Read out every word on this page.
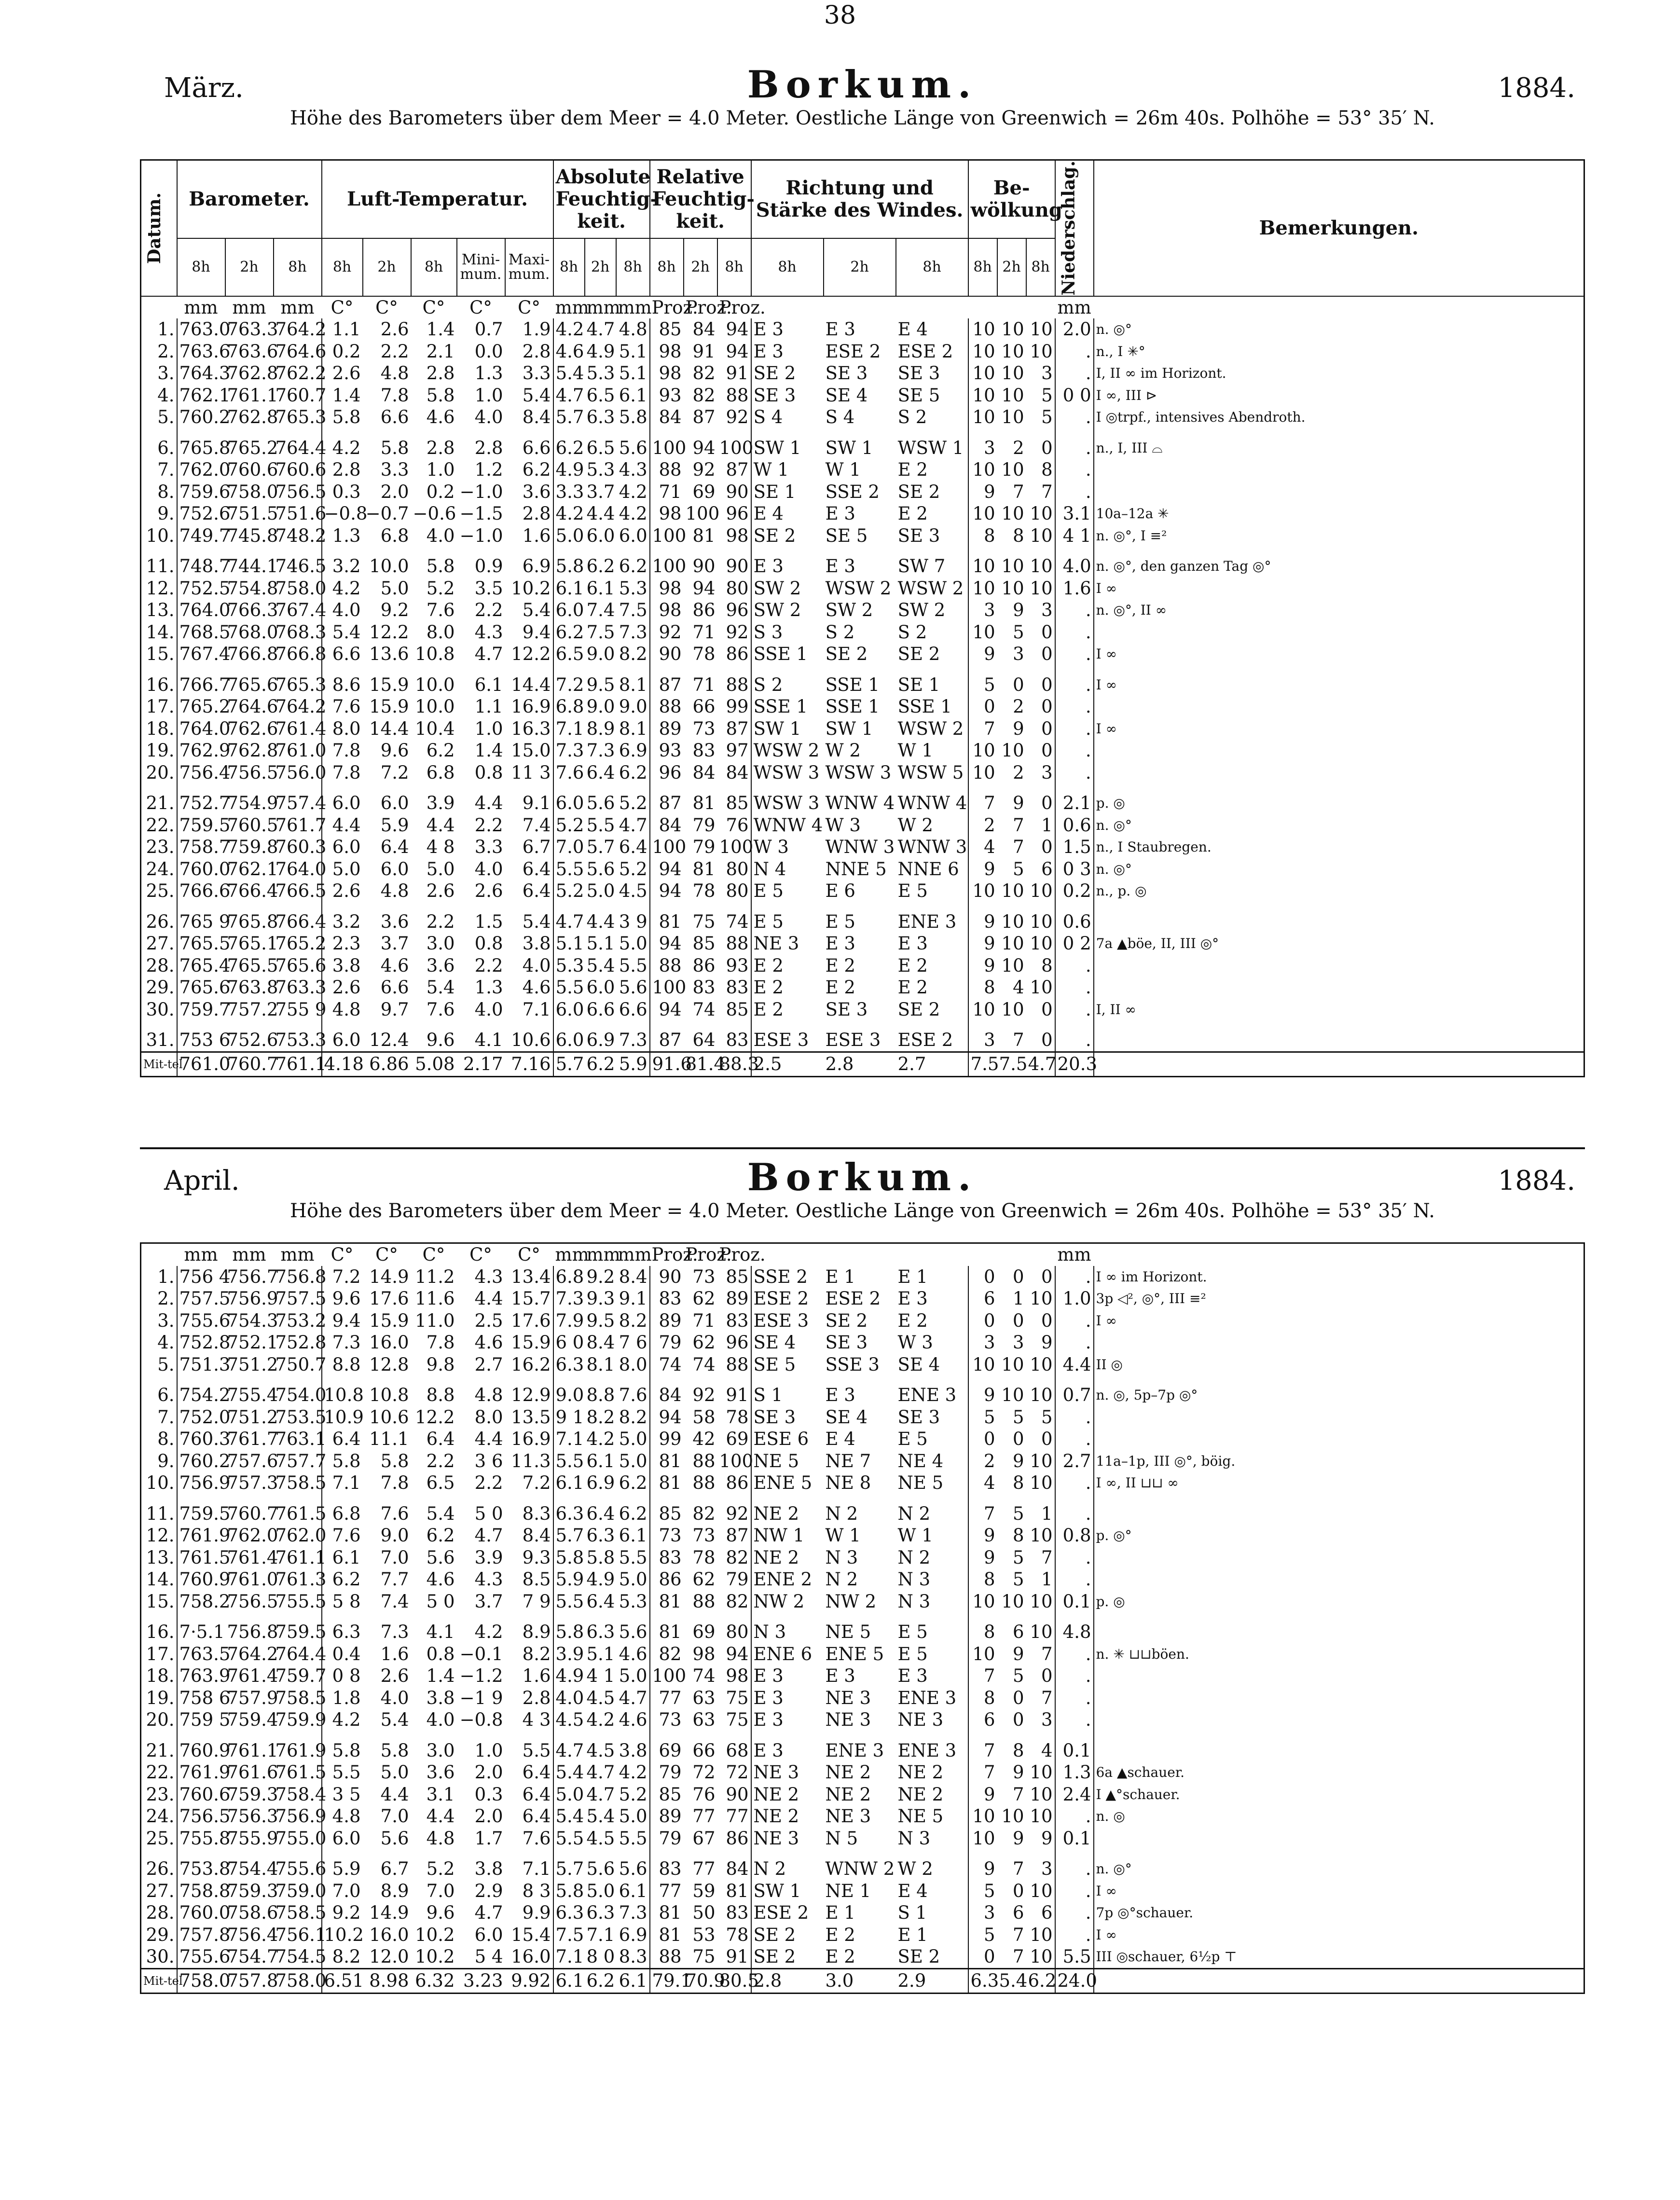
38
März.	Borkum.	1884.
Höhe des Barometers über dem Meer = 4.0 Meter. Oestliche Länge von Greenwich = 26m 40s. Polhöhe = 53° 35′ N.
Datum.	Barometer.			Luft-Temperatur.					Absolute Feuchtig-keit.			Relative Feuchtig-keit.			Richtung und Stärke des Windes.			Be-wölkung			Niederschlag.	Bemerkungen.
	8h	2h	8h	8h	2h	8h	Mini-mum.	Maxi-mum.	8h	2h	8h	8h	2h	8h	8h	2h	8h	8h	2h	8h		
	mm	mm	mm	C°	C°	C°	C°	C°	mm	mm	mm	Proz.	Proz.	Proz.							mm	
1.	763.0	763.3	764.2	1.1	2.6	1.4	0.7	1.9	4.2	4.7	4.8	85	84	94	E 3	E 3	E 4	10	10	10	2.0	n. ◎°
2.	763.6	763.6	764.6	0.2	2.2	2.1	0.0	2.8	4.6	4.9	5.1	98	91	94	E 3	ESE 2	ESE 2	10	10	10	.	n., I ✳°
3.	764.3	762.8	762.2	2.6	4.8	2.8	1.3	3.3	5.4	5.3	5.1	98	82	91	SE 2	SE 3	SE 3	10	10	3	.	I, II ∞ im Horizont.
4.	762.1	761.1	760.7	1.4	7.8	5.8	1.0	5.4	4.7	6.5	6.1	93	82	88	SE 3	SE 4	SE 5	10	10	5	0 0	I ∞, III ⊳
5.	760.2	762.8	765.3	5.8	6.6	4.6	4.0	8.4	5.7	6.3	5.8	84	87	92	S 4	S 4	S 2	10	10	5	.	I ◎trpf., intensives Abendroth.
6.	765.8	765.2	764.4	4.2	5.8	2.8	2.8	6.6	6.2	6.5	5.6	100	94	100	SW 1	SW 1	WSW 1	3	2	0	.	n., I, III ⌓
7.	762.0	760.6	760.6	2.8	3.3	1.0	1.2	6.2	4.9	5.3	4.3	88	92	87	W 1	W 1	E 2	10	10	8	.	
8.	759.6	758.0	756.5	0.3	2.0	0.2	−1.0	3.6	3.3	3.7	4.2	71	69	90	SE 1	SSE 2	SE 2	9	7	7	.	
9.	752.6	751.5	751.6	−0.8	−0.7	−0.6	−1.5	2.8	4.2	4.4	4.2	98	100	96	E 4	E 3	E 2	10	10	10	3.1	10a–12a ✳
10.	749.7	745.8	748.2	1.3	6.8	4.0	−1.0	1.6	5.0	6.0	6.0	100	81	98	SE 2	SE 5	SE 3	8	8	10	4 1	n. ◎°, I ≡²
11.	748.7	744.1	746.5	3.2	10.0	5.8	0.9	6.9	5.8	6.2	6.2	100	90	90	E 3	E 3	SW 7	10	10	10	4.0	n. ◎°, den ganzen Tag ◎°
12.	752.5	754.8	758.0	4.2	5.0	5.2	3.5	10.2	6.1	6.1	5.3	98	94	80	SW 2	WSW 2	WSW 2	10	10	10	1.6	I ∞
13.	764.0	766.3	767.4	4.0	9.2	7.6	2.2	5.4	6.0	7.4	7.5	98	86	96	SW 2	SW 2	SW 2	3	9	3	.	n. ◎°, II ∞
14.	768.5	768.0	768.3	5.4	12.2	8.0	4.3	9.4	6.2	7.5	7.3	92	71	92	S 3	S 2	S 2	10	5	0	.	
15.	767.4	766.8	766.8	6.6	13.6	10.8	4.7	12.2	6.5	9.0	8.2	90	78	86	SSE 1	SE 2	SE 2	9	3	0	.	I ∞
16.	766.7	765.6	765.3	8.6	15.9	10.0	6.1	14.4	7.2	9.5	8.1	87	71	88	S 2	SSE 1	SE 1	5	0	0	.	I ∞
17.	765.2	764.6	764.2	7.6	15.9	10.0	1.1	16.9	6.8	9.0	9.0	88	66	99	SSE 1	SSE 1	SSE 1	0	2	0	.	
18.	764.0	762.6	761.4	8.0	14.4	10.4	1.0	16.3	7.1	8.9	8.1	89	73	87	SW 1	SW 1	WSW 2	7	9	0	.	I ∞
19.	762.9	762.8	761.0	7.8	9.6	6.2	1.4	15.0	7.3	7.3	6.9	93	83	97	WSW 2	W 2	W 1	10	10	0	.	
20.	756.4	756.5	756.0	7.8	7.2	6.8	0.8	11 3	7.6	6.4	6.2	96	84	84	WSW 3	WSW 3	WSW 5	10	2	3	.	
21.	752.7	754.9	757.4	6.0	6.0	3.9	4.4	9.1	6.0	5.6	5.2	87	81	85	WSW 3	WNW 4	WNW 4	7	9	0	2.1	p. ◎
22.	759.5	760.5	761.7	4.4	5.9	4.4	2.2	7.4	5.2	5.5	4.7	84	79	76	WNW 4	W 3	W 2	2	7	1	0.6	n. ◎°
23.	758.7	759.8	760.3	6.0	6.4	4 8	3.3	6.7	7.0	5.7	6.4	100	79	100	W 3	WNW 3	WNW 3	4	7	0	1.5	n., I Staubregen.
24.	760.0	762.1	764.0	5.0	6.0	5.0	4.0	6.4	5.5	5.6	5.2	94	81	80	N 4	NNE 5	NNE 6	9	5	6	0 3	n. ◎°
25.	766.6	766.4	766.5	2.6	4.8	2.6	2.6	6.4	5.2	5.0	4.5	94	78	80	E 5	E 6	E 5	10	10	10	0.2	n., p. ◎
26.	765 9	765.8	766.4	3.2	3.6	2.2	1.5	5.4	4.7	4.4	3 9	81	75	74	E 5	E 5	ENE 3	9	10	10	0.6	
27.	765.5	765.1	765.2	2.3	3.7	3.0	0.8	3.8	5.1	5.1	5.0	94	85	88	NE 3	E 3	E 3	9	10	10	0 2	7a ▲böe, II, III ◎°
28.	765.4	765.5	765.6	3.8	4.6	3.6	2.2	4.0	5.3	5.4	5.5	88	86	93	E 2	E 2	E 2	9	10	8	.	
29.	765.6	763.8	763.3	2.6	6.6	5.4	1.3	4.6	5.5	6.0	5.6	100	83	83	E 2	E 2	E 2	8	4	10	.	
30.	759.7	757.2	755 9	4.8	9.7	7.6	4.0	7.1	6.0	6.6	6.6	94	74	85	E 2	SE 3	SE 2	10	10	0	.	I, II ∞
31.	753 6	752.6	753.3	6.0	12.4	9.6	4.1	10.6	6.0	6.9	7.3	87	64	83	ESE 3	ESE 3	ESE 2	3	7	0	.	
Mit-tel	761.0	760.7	761.1	4.18	6.86	5.08	2.17	7.16	5.7	6.2	5.9	91.6	81.4	88.3	2.5	2.8	2.7	7.5	7.5	4.7	20.3	
April.	Borkum.	1884.
Höhe des Barometers über dem Meer = 4.0 Meter. Oestliche Länge von Greenwich = 26m 40s. Polhöhe = 53° 35′ N.
	mm	mm	mm	C°	C°	C°	C°	C°	mm	mm	mm	Proz.	Proz.	Proz.							mm	
1.	756 4	756.7	756.8	7.2	14.9	11.2	4.3	13.4	6.8	9.2	8.4	90	73	85	SSE 2	E 1	E 1	0	0	0	.	I ∞ im Horizont.
2.	757.5	756.9	757.5	9.6	17.6	11.6	4.4	15.7	7.3	9.3	9.1	83	62	89	ESE 2	ESE 2	E 3	6	1	10	1.0	3p ◁², ◎°, III ≡²
3.	755.6	754.3	753.2	9.4	15.9	11.0	2.5	17.6	7.9	9.5	8.2	89	71	83	ESE 3	SE 2	E 2	0	0	0	.	I ∞
4.	752.8	752.1	752.8	7.3	16.0	7.8	4.6	15.9	6 0	8.4	7 6	79	62	96	SE 4	SE 3	W 3	3	3	9	.	
5.	751.3	751.2	750.7	8.8	12.8	9.8	2.7	16.2	6.3	8.1	8.0	74	74	88	SE 5	SSE 3	SE 4	10	10	10	4.4	II ◎
6.	754.2	755.4	754.0	10.8	10.8	8.8	4.8	12.9	9.0	8.8	7.6	84	92	91	S 1	E 3	ENE 3	9	10	10	0.7	n. ◎, 5p–7p ◎°
7.	752.0	751.2	753.5	10.9	10.6	12.2	8.0	13.5	9 1	8.2	8.2	94	58	78	SE 3	SE 4	SE 3	5	5	5	.	
8.	760.3	761.7	763.1	6.4	11.1	6.4	4.4	16.9	7.1	4.2	5.0	99	42	69	ESE 6	E 4	E 5	0	0	0	.	
9.	760.2	757.6	757.7	5.8	5.8	2.2	3 6	11.3	5.5	6.1	5.0	81	88	100	NE 5	NE 7	NE 4	2	9	10	2.7	11a–1p, III ◎°, böig.
10.	756.9	757.3	758.5	7.1	7.8	6.5	2.2	7.2	6.1	6.9	6.2	81	88	86	ENE 5	NE 8	NE 5	4	8	10	.	I ∞, II ⊔⊔ ∞
11.	759.5	760.7	761.5	6.8	7.6	5.4	5 0	8.3	6.3	6.4	6.2	85	82	92	NE 2	N 2	N 2	7	5	1	.	
12.	761.9	762.0	762.0	7.6	9.0	6.2	4.7	8.4	5.7	6.3	6.1	73	73	87	NW 1	W 1	W 1	9	8	10	0.8	p. ◎°
13.	761.5	761.4	761.1	6.1	7.0	5.6	3.9	9.3	5.8	5.8	5.5	83	78	82	NE 2	N 3	N 2	9	5	7	.	
14.	760.9	761.0	761.3	6.2	7.7	4.6	4.3	8.5	5.9	4.9	5.0	86	62	79	ENE 2	N 2	N 3	8	5	1	.	
15.	758.2	756.5	755.5	5 8	7.4	5 0	3.7	7 9	5.5	6.4	5.3	81	88	82	NW 2	NW 2	N 3	10	10	10	0.1	p. ◎
16.	7·5.1	756.8	759.5	6.3	7.3	4.1	4.2	8.9	5.8	6.3	5.6	81	69	80	N 3	NE 5	E 5	8	6	10	4.8	
17.	763.5	764.2	764.4	0.4	1.6	0.8	−0.1	8.2	3.9	5.1	4.6	82	98	94	ENE 6	ENE 5	E 5	10	9	7	.	n. ✳ ⊔⊔böen.
18.	763.9	761.4	759.7	0 8	2.6	1.4	−1.2	1.6	4.9	4 1	5.0	100	74	98	E 3	E 3	E 3	7	5	0	.	
19.	758 6	757.9	758.5	1.8	4.0	3.8	−1 9	2.8	4.0	4.5	4.7	77	63	75	E 3	NE 3	ENE 3	8	0	7	.	
20.	759 5	759.4	759.9	4.2	5.4	4.0	−0.8	4 3	4.5	4.2	4.6	73	63	75	E 3	NE 3	NE 3	6	0	3	.	
21.	760.9	761.1	761.9	5.8	5.8	3.0	1.0	5.5	4.7	4.5	3.8	69	66	68	E 3	ENE 3	ENE 3	7	8	4	0.1	
22.	761.9	761.6	761.5	5.5	5.0	3.6	2.0	6.4	5.4	4.7	4.2	79	72	72	NE 3	NE 2	NE 2	7	9	10	1.3	6a ▲schauer.
23.	760.6	759.3	758.4	3 5	4.4	3.1	0.3	6.4	5.0	4.7	5.2	85	76	90	NE 2	NE 2	NE 2	9	7	10	2.4	I ▲°schauer.
24.	756.5	756.3	756.9	4.8	7.0	4.4	2.0	6.4	5.4	5.4	5.0	89	77	77	NE 2	NE 3	NE 5	10	10	10	.	n. ◎
25.	755.8	755.9	755.0	6.0	5.6	4.8	1.7	7.6	5.5	4.5	5.5	79	67	86	NE 3	N 5	N 3	10	9	9	0.1	
26.	753.8	754.4	755.6	5.9	6.7	5.2	3.8	7.1	5.7	5.6	5.6	83	77	84	N 2	WNW 2	W 2	9	7	3	.	n. ◎°
27.	758.8	759.3	759.0	7.0	8.9	7.0	2.9	8 3	5.8	5.0	6.1	77	59	81	SW 1	NE 1	E 4	5	0	10	.	I ∞
28.	760.0	758.6	758.5	9.2	14.9	9.6	4.7	9.9	6.3	6.3	7.3	81	50	83	ESE 2	E 1	S 1	3	6	6	.	7p ◎°schauer.
29.	757.8	756.4	756.1	10.2	16.0	10.2	6.0	15.4	7.5	7.1	6.9	81	53	78	SE 2	E 2	E 1	5	7	10	.	I ∞
30.	755.6	754.7	754.5	8.2	12.0	10.2	5 4	16.0	7.1	8 0	8.3	88	75	91	SE 2	E 2	SE 2	0	7	10	5.5	III ◎schauer, 6½p ⊤
Mit-tel	758.0	757.8	758.0	6.51	8.98	6.32	3.23	9.92	6.1	6.2	6.1	79.1	70.9	80.5	2.8	3.0	2.9	6.3	5.4	6.2	24.0	
